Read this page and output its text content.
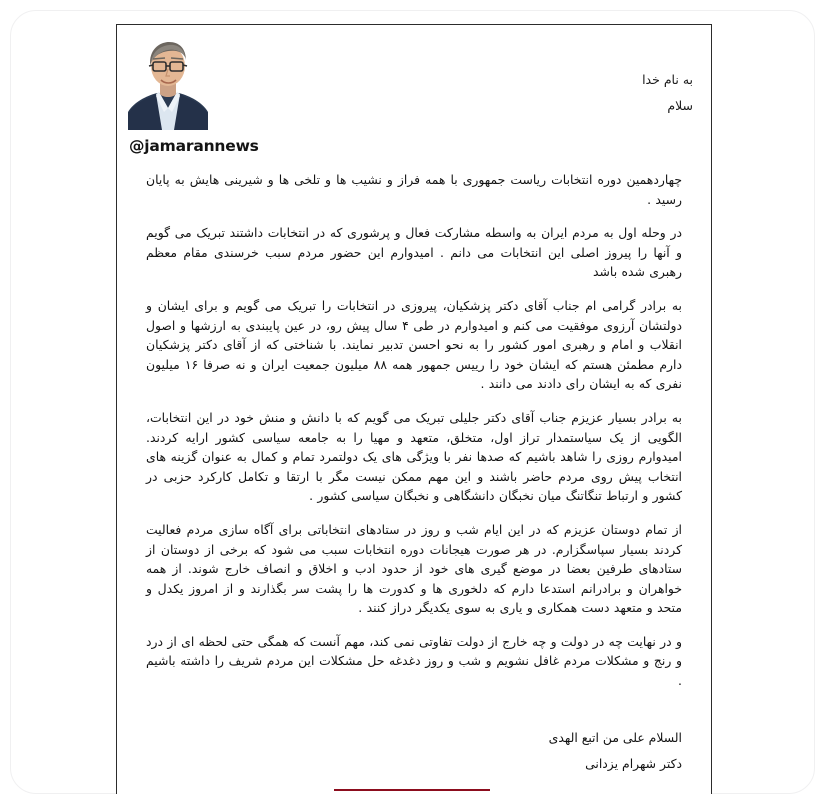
@jamarannews
به نام خدا
سلام

چهاردهمین دوره انتخابات ریاست جمهوری با همه فراز و نشیب ها و تلخی ها و شیرینی هایش به پایان رسید .

در وحله اول به مردم ایران به واسطه مشارکت فعال و پرشوری که در انتخابات داشتند تبریک می گویم و آنها را پیروز اصلی این انتخابات می دانم . امیدوارم این حضور مردم سبب خرسندی مقام معظم رهبری شده باشد

به برادر گرامی ام جناب آقای دکتر پزشکیان، پیروزی در انتخابات را تبریک می گویم و برای ایشان و دولتشان آرزوی موفقیت می کنم و امیدوارم در طی ۴ سال پیش رو، در عین پایبندی به ارزشها و اصول انقلاب و امام و رهبری امور کشور را به نحو احسن تدبیر نمایند. با شناختی که از آقای دکتر پزشکیان دارم مطمئن هستم که ایشان خود را رییس جمهور همه ۸۸ میلیون جمعیت ایران و نه صرفا ۱۶ میلیون نفری که به ایشان رای دادند می دانند .

به برادر بسیار عزیزم جناب آقای دکتر جلیلی تبریک می گویم که با دانش و منش خود در این انتخابات، الگویی از یک سیاستمدار تراز اول، متخلق، متعهد و مهیا را به جامعه سیاسی کشور ارایه کردند. امیدوارم روزی را شاهد باشیم که صدها نفر با ویژگی های یک دولتمرد تمام و کمال به عنوان گزینه های انتخاب پیش روی مردم حاضر باشند و این مهم ممکن نیست مگر با ارتقا و تکامل کارکرد حزبی در کشور و ارتباط تنگاتنگ میان نخبگان دانشگاهی و نخبگان سیاسی کشور .

از تمام دوستان عزیزم که در این ایام شب و روز در ستادهای انتخاباتی برای آگاه سازی مردم فعالیت کردند بسیار سپاسگزارم. در هر صورت هیجانات دوره انتخابات سبب می شود که برخی از دوستان از ستادهای طرفین بعضا در موضع گیری های خود از حدود ادب و اخلاق و انصاف خارج شوند. از همه خواهران و برادرانم استدعا دارم که دلخوری ها و کدورت ها را پشت سر بگذارند و از امروز یکدل و متحد و متعهد دست همکاری و یاری به سوی یکدیگر دراز کنند .

و در نهایت چه در دولت و چه خارج از دولت تفاوتی نمی کند، مهم آنست که همگی حتی لحظه ای از درد و رنج و مشکلات مردم غافل نشویم و شب و روز دغدغه حل مشکلات این مردم شریف را داشته باشیم .

السلام علی من اتبع الهدی
دکتر شهرام یزدانی
